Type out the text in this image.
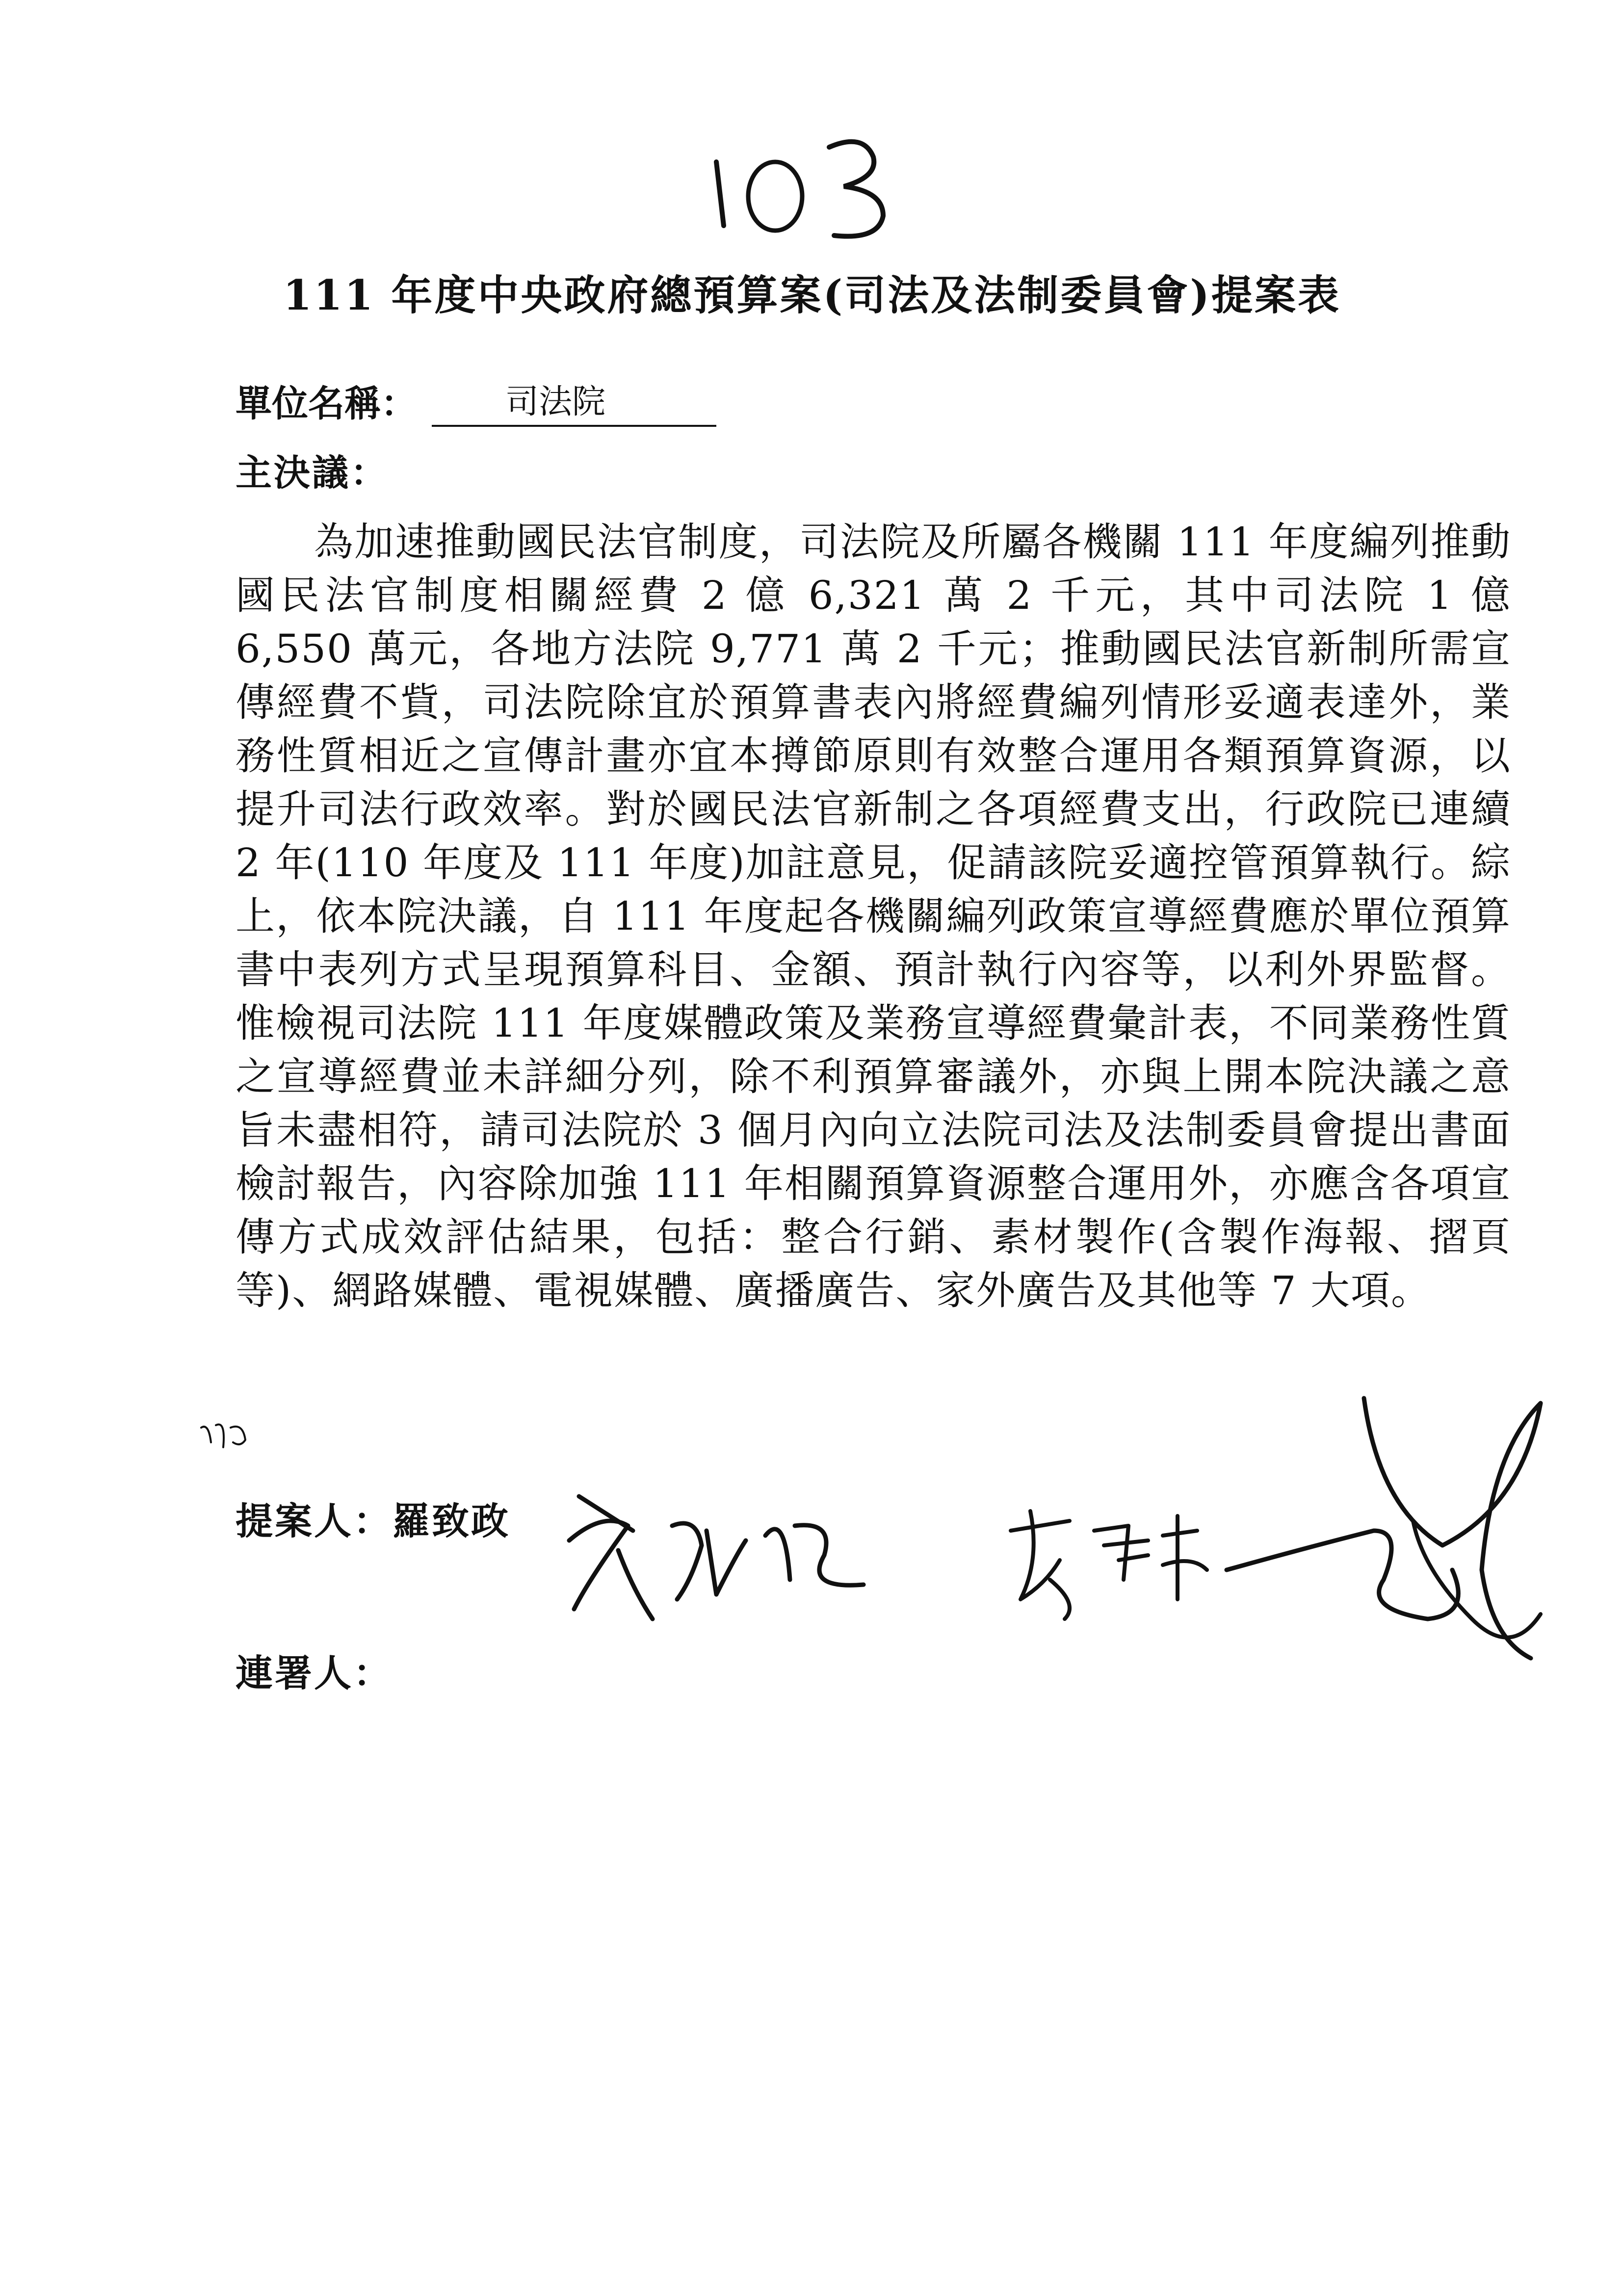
111 年度中央政府總預算案(司法及法制委員會)提案表
單位名稱：	司法院
主決議：
為加速推動國民法官制度，司法院及所屬各機關 111 年度編列推動國民法官制度相關經費 2 億 6,321 萬 2 千元，其中司法院 1 億 6,550 萬元，各地方法院 9,771 萬 2 千元；推動國民法官新制所需宣傳經費不貲，司法院除宜於預算書表內將經費編列情形妥適表達外，業務性質相近之宣傳計畫亦宜本撙節原則有效整合運用各類預算資源，以提升司法行政效率。對於國民法官新制之各項經費支出，行政院已連續 2 年(110 年度及 111 年度)加註意見，促請該院妥適控管預算執行。綜上，依本院決議，自 111 年度起各機關編列政策宣導經費應於單位預算書中表列方式呈現預算科目、金額、預計執行內容等，以利外界監督。惟檢視司法院 111 年度媒體政策及業務宣導經費彙計表，不同業務性質之宣導經費並未詳細分列，除不利預算審議外，亦與上開本院決議之意旨未盡相符，請司法院於 3 個月內向立法院司法及法制委員會提出書面檢討報告，內容除加強 111 年相關預算資源整合運用外，亦應含各項宣傳方式成效評估結果，包括：整合行銷、素材製作(含製作海報、摺頁等)、網路媒體、電視媒體、廣播廣告、家外廣告及其他等 7 大項。
提案人：羅致政
連署人：
